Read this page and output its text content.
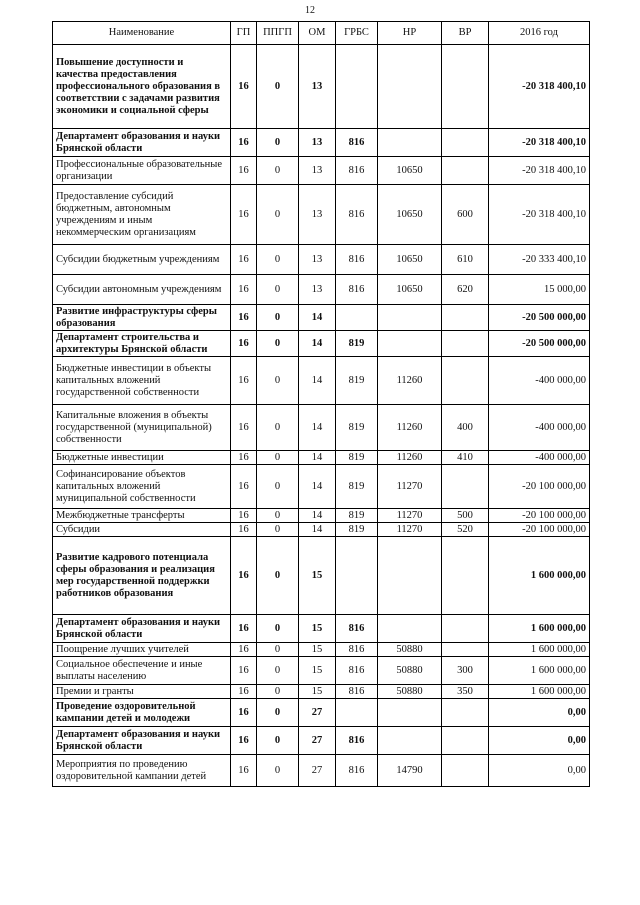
12
Наименование	ГП	ППГП	ОМ	ГРБС	НР	ВР	2016 год
Повышение доступности и качества предоставления профессионального образования в соответствии с задачами развития экономики и социальной сферы	16	0	13				-20 318 400,10
Департамент образования и науки Брянской области	16	0	13	816			-20 318 400,10
Профессиональные образовательные организации	16	0	13	816	10650		-20 318 400,10
Предоставление субсидий бюджетным, автономным учреждениям и иным некоммерческим организациям	16	0	13	816	10650	600	-20 318 400,10
Субсидии бюджетным учреждениям	16	0	13	816	10650	610	-20 333 400,10
Субсидии автономным учреждениям	16	0	13	816	10650	620	15 000,00
Развитие инфраструктуры сферы образования	16	0	14				-20 500 000,00
Департамент строительства и архитектуры Брянской области	16	0	14	819			-20 500 000,00
Бюджетные инвестиции в объекты капитальных вложений государственной собственности	16	0	14	819	11260		-400 000,00
Капитальные вложения в объекты государственной (муниципальной) собственности	16	0	14	819	11260	400	-400 000,00
Бюджетные инвестиции	16	0	14	819	11260	410	-400 000,00
Софинансирование объектов капитальных вложений муниципальной собственности	16	0	14	819	11270		-20 100 000,00
Межбюджетные трансферты	16	0	14	819	11270	500	-20 100 000,00
Субсидии	16	0	14	819	11270	520	-20 100 000,00
Развитие кадрового потенциала сферы образования и реализация мер государственной поддержки работников образования	16	0	15				1 600 000,00
Департамент образования и науки Брянской области	16	0	15	816			1 600 000,00
Поощрение лучших учителей	16	0	15	816	50880		1 600 000,00
Социальное обеспечение и иные выплаты населению	16	0	15	816	50880	300	1 600 000,00
Премии и гранты	16	0	15	816	50880	350	1 600 000,00
Проведение оздоровительной кампании детей и молодежи	16	0	27				0,00
Департамент образования и науки Брянской области	16	0	27	816			0,00
Мероприятия по проведению оздоровительной кампании детей	16	0	27	816	14790		0,00
